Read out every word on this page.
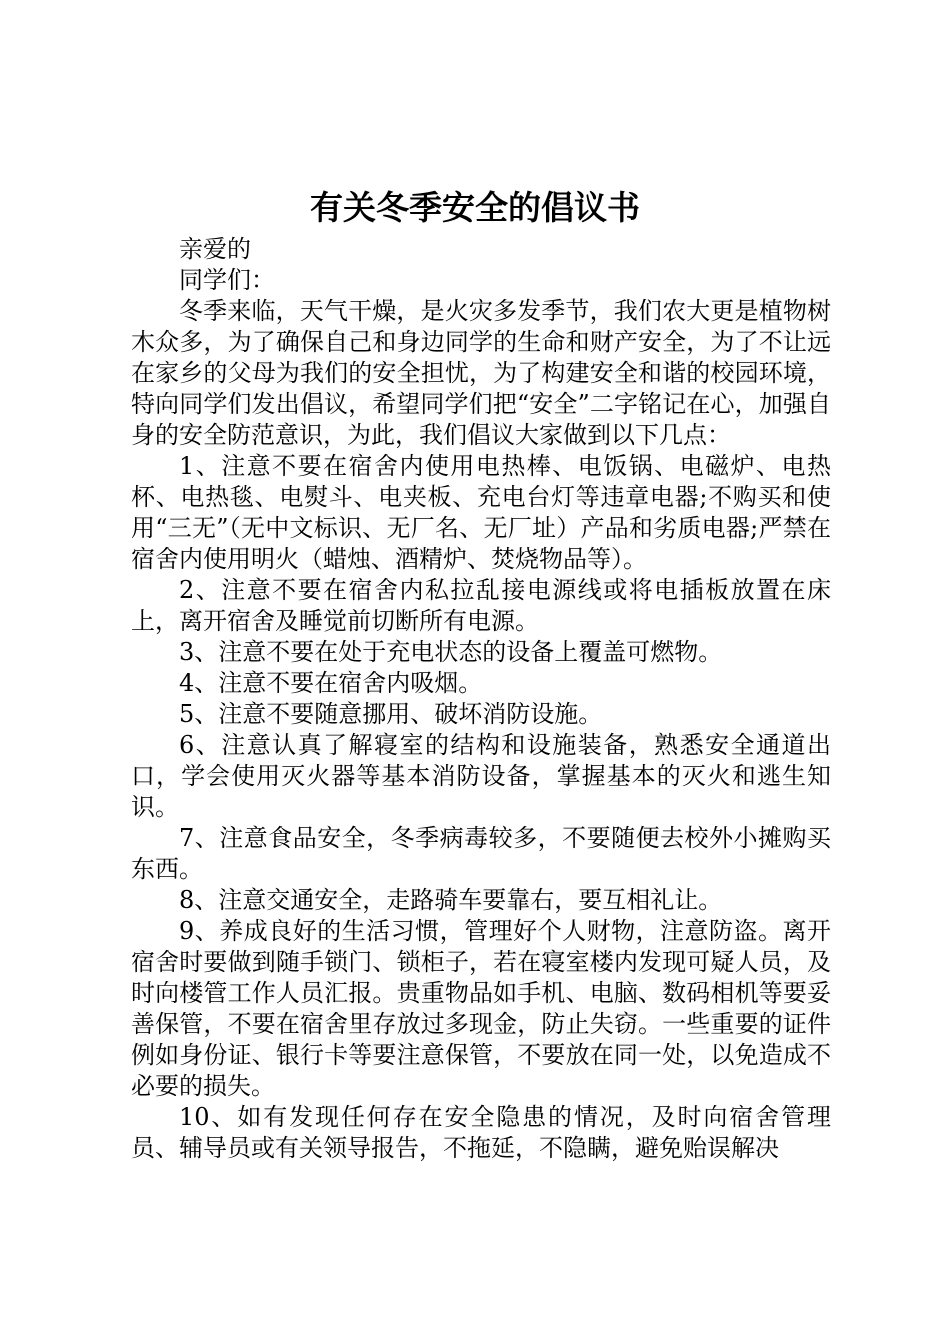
有关冬季安全的倡议书

亲爱的

同学们：

冬季来临，天气干燥，是火灾多发季节，我们农大更是植物树木众多，为了确保自己和身边同学的生命和财产安全，为了不让远在家乡的父母为我们的安全担忧，为了构建安全和谐的校园环境，特向同学们发出倡议，希望同学们把“安全”二字铭记在心，加强自身的安全防范意识，为此，我们倡议大家做到以下几点：

1、注意不要在宿舍内使用电热棒、电饭锅、电磁炉、电热杯、电热毯、电熨斗、电夹板、充电台灯等违章电器;不购买和使用“三无”（无中文标识、无厂名、无厂址）产品和劣质电器;严禁在宿舍内使用明火（蜡烛、酒精炉、焚烧物品等）。

2、注意不要在宿舍内私拉乱接电源线或将电插板放置在床上，离开宿舍及睡觉前切断所有电源。

3、注意不要在处于充电状态的设备上覆盖可燃物。

4、注意不要在宿舍内吸烟。

5、注意不要随意挪用、破坏消防设施。

6、注意认真了解寝室的结构和设施装备，熟悉安全通道出口，学会使用灭火器等基本消防设备，掌握基本的灭火和逃生知识。

7、注意食品安全，冬季病毒较多，不要随便去校外小摊购买东西。

8、注意交通安全，走路骑车要靠右，要互相礼让。

9、养成良好的生活习惯，管理好个人财物，注意防盗。离开宿舍时要做到随手锁门、锁柜子，若在寝室楼内发现可疑人员，及时向楼管工作人员汇报。贵重物品如手机、电脑、数码相机等要妥善保管，不要在宿舍里存放过多现金，防止失窃。一些重要的证件例如身份证、银行卡等要注意保管，不要放在同一处，以免造成不必要的损失。

10、如有发现任何存在安全隐患的情况，及时向宿舍管理员、辅导员或有关领导报告，不拖延，不隐瞒，避免贻误解决
